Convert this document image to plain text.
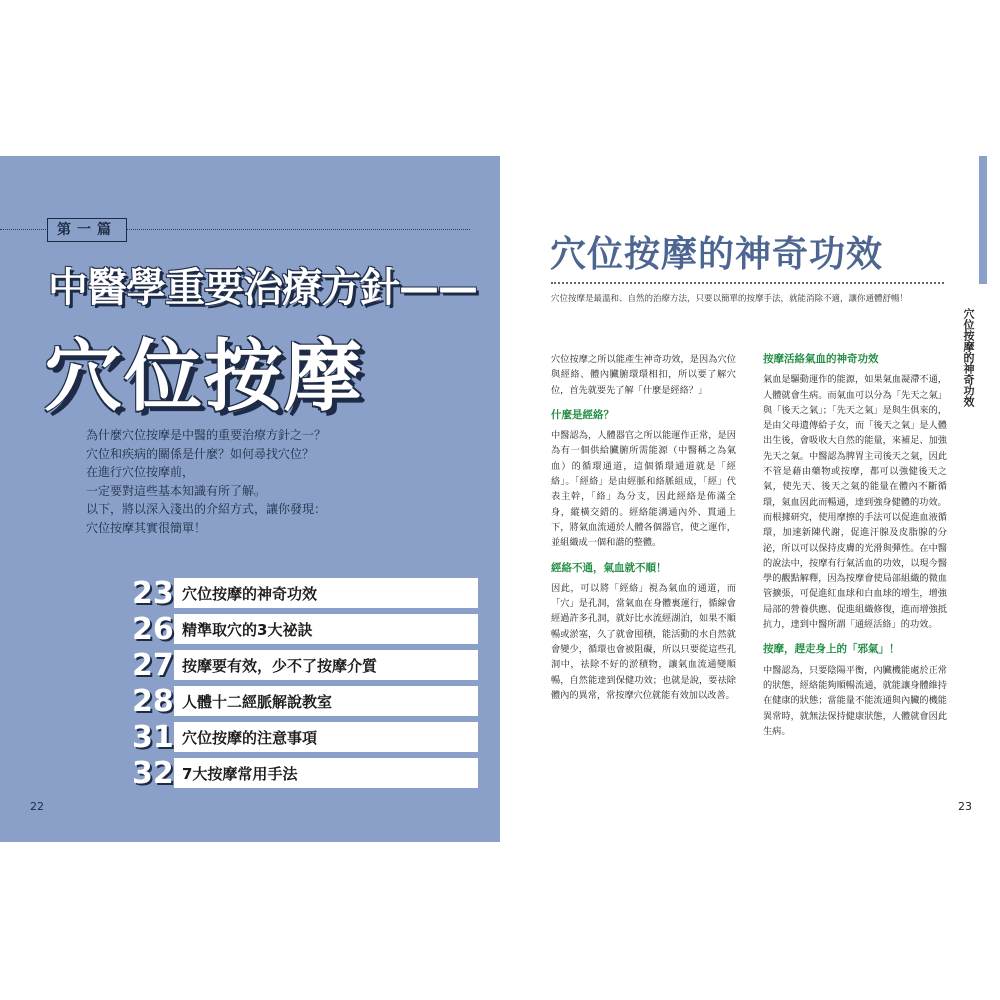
第一篇
中醫學重要治療方針——
穴位按摩
為什麼穴位按摩是中醫的重要治療方針之一？
穴位和疾病的關係是什麼？如何尋找穴位？
在進行穴位按摩前，
一定要對這些基本知識有所了解。
以下，將以深入淺出的介紹方式，讓你發現：
穴位按摩其實很簡單！
23 穴位按摩的神奇功效
26 精準取穴的3大祕訣
27 按摩要有效，少不了按摩介質
28 人體十二經脈解說教室
31 穴位按摩的注意事項
32 7大按摩常用手法
22
穴位按摩的神奇功效
穴位按摩的神奇功效
穴位按摩是最溫和、自然的治療方法，只要以簡單的按摩手法，就能消除不適，讓你通體舒暢！

穴位按摩之所以能產生神奇功效，是因為穴位與經絡、體內臟腑環環相扣，所以要了解穴位，首先就要先了解「什麼是經絡？」

什麼是經絡？

中醫認為，人體器官之所以能運作正常，是因為有一個供給臟腑所需能源（中醫稱之為氣血）的循環通道，這個循環通道就是「經絡」。「經絡」是由經脈和絡脈組成，「經」代表主幹，「絡」為分支，因此經絡是佈滿全身，縱橫交錯的。經絡能溝通內外、貫通上下，將氣血流通於人體各個器官，使之運作，並組織成一個和諧的整體。

經絡不通，氣血就不順！

因此，可以將「經絡」視為氣血的通道，而「穴」是孔洞，當氣血在身體裏運行，循線會經過許多孔洞，就好比水流經湖泊，如果不順暢或淤塞，久了就會囤積，能活動的水自然就會變少，循環也會被阻礙，所以只要從這些孔洞中，祛除不好的淤積物，讓氣血流通變順暢，自然能達到保健功效；也就是說，要祛除體內的異常，常按摩穴位就能有效加以改善。

按摩活絡氣血的神奇功效

氣血是驅動運作的能源，如果氣血凝滯不通，人體就會生病。而氣血可以分為「先天之氣」與「後天之氣」；「先天之氣」是與生俱來的，是由父母遺傳給子女，而「後天之氣」是人體出生後，會吸收大自然的能量，來補足、加強先天之氣。中醫認為脾胃主司後天之氣，因此不管是藉由藥物或按摩，都可以強健後天之氣，使先天、後天之氣的能量在體內不斷循環，氣血因此而暢通，達到強身健體的功效。

而根據研究，使用摩擦的手法可以促進血液循環，加速新陳代謝，促進汗腺及皮脂腺的分泌，所以可以保持皮膚的光滑與彈性。在中醫的說法中，按摩有行氣活血的功效，以現今醫學的觀點解釋，因為按摩會使局部組織的微血管擴張，可促進紅血球和白血球的增生，增強局部的營養供應、促進組織修復，進而增強抵抗力，達到中醫所謂「通經活絡」的功效。

按摩，趕走身上的「邪氣」！

中醫認為，只要陰陽平衡，內臟機能處於正常的狀態，經絡能夠順暢流通，就能讓身體維持在健康的狀態；當能量不能流通與內臟的機能異常時，就無法保持健康狀態，人體就會因此生病。

23
